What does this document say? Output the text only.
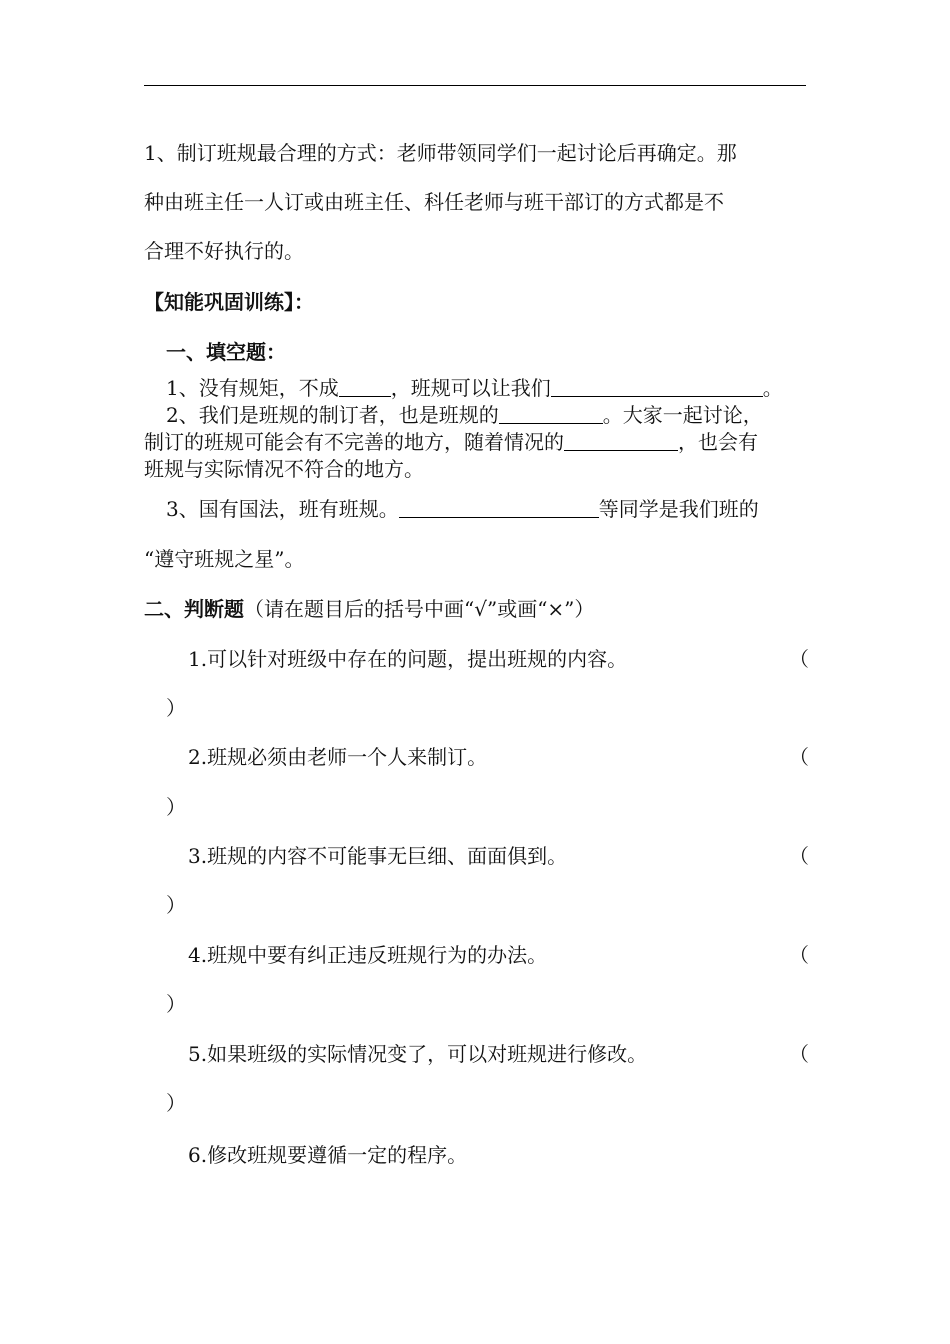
1、制订班规最合理的方式：老师带领同学们一起讨论后再确定。那
种由班主任一人订或由班主任、科任老师与班干部订的方式都是不
合理不好执行的。
【知能巩固训练】：
一、填空题：
1、没有规矩，不成	，班规可以让我们	。
2、我们是班规的制订者，也是班规的	。大家一起讨论，
制订的班规可能会有不完善的地方，随着情况的	，也会有
班规与实际情况不符合的地方。
3、国有国法，班有班规。	等同学是我们班的
“遵守班规之星”。
二、判断题（请在题目后的括号中画“√”或画“×”）
1.可以针对班级中存在的问题，提出班规的内容。	（
）
2.班规必须由老师一个人来制订。	（
）
3.班规的内容不可能事无巨细、面面俱到。	（
）
4.班规中要有纠正违反班规行为的办法。	（
）
5.如果班级的实际情况变了，可以对班规进行修改。	（
）
6.修改班规要遵循一定的程序。
